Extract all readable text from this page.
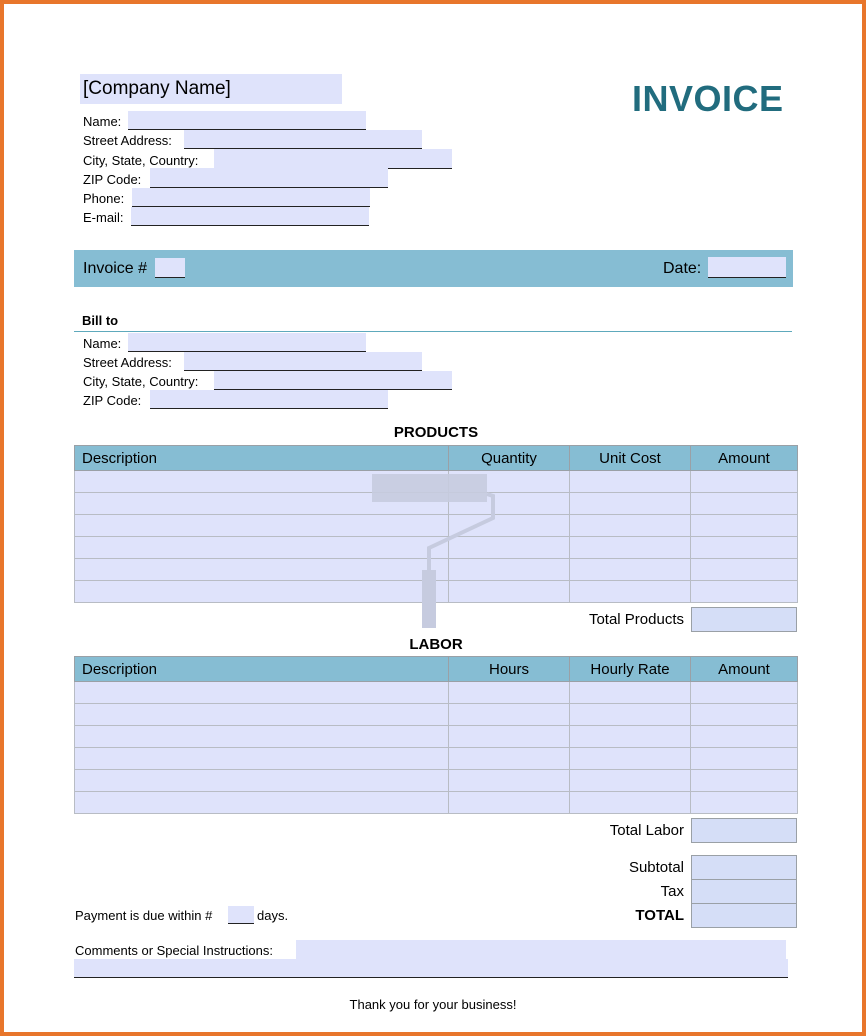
[Company Name]	INVOICE
Name:
Street Address:
City, State, Country:
ZIP Code:
Phone:
E-mail:
Invoice #	Date:
Bill to
Name:
Street Address:
City, State, Country:
ZIP Code:
PRODUCTS
Description	Quantity	Unit Cost	Amount

Total Products
LABOR
Description	Hours	Hourly Rate	Amount

Total Labor
Subtotal
Tax
TOTAL
Payment is due within #	days.
Comments or Special Instructions:
Thank you for your business!
